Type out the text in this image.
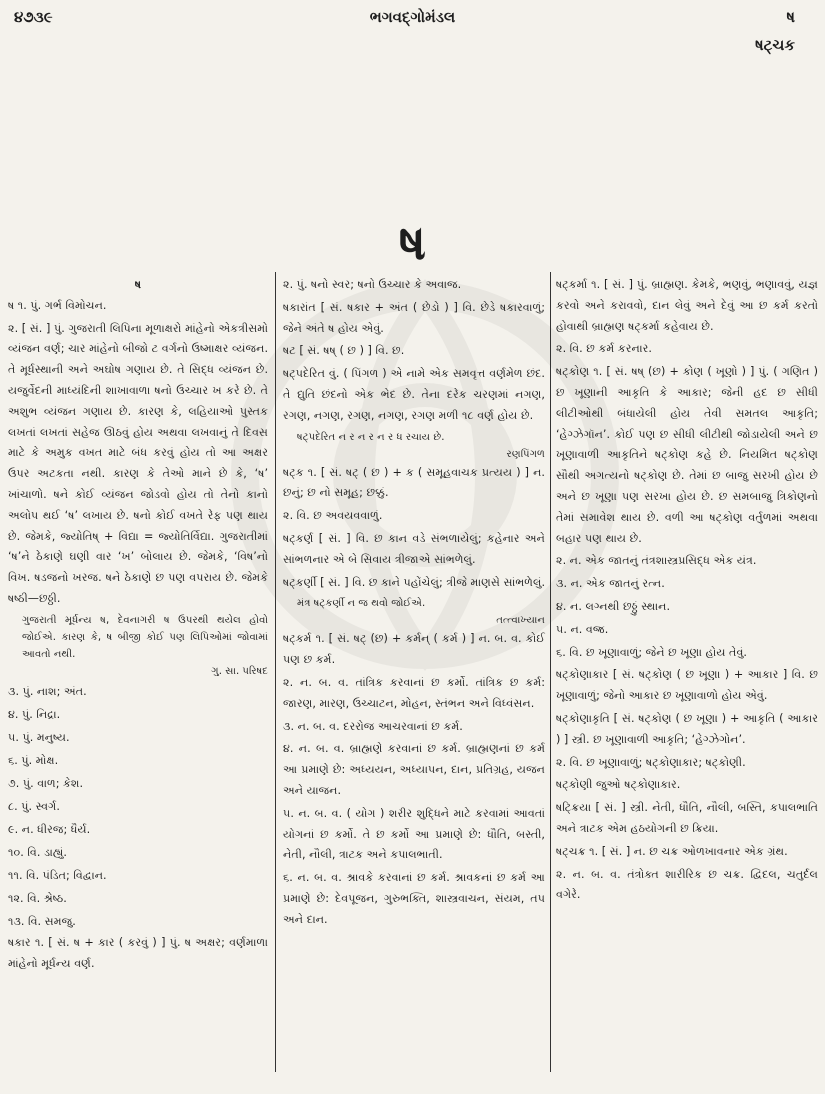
૪૭૩૯	ભગવદ્ગોમંડલ	ષ
ષટ્ચક
ષ
ષ
ષ ૧. પું. ગર્ભ વિમોચન.
૨. [ સં. ] પું. ગુજરાતી લિપિના મૂળાક્ષરો માંહેનો એકત્રીસમો વ્યંજન વર્ણ; ચાર માંહેનો બીજો ટ વર્ગનો ઉષ્માક્ષર વ્યંજન. તે મૂર્ધસ્થાની અને અઘોષ ગણાય છે. તે સિદ્ધ વ્યંજન છે. યજુર્વેદની માધ્યંદિની શાખાવાળા ષનો ઉચ્ચાર ખ કરે છે. તે અશુભ વ્યંજન ગણાય છે. કારણ કે, લહિયાઓ પુસ્તક લખતાં લખતાં સહેજ ઊઠવું હોય અથવા લખવાનું તે દિવસ માટે કે અમુક વખત માટે બંધ કરવું હોય તો આ અક્ષર ઉપર અટકતા નથી. કારણ કે તેઓ માને છે કે, ‘ષ’ ખાંચાળો. ષને કોઈ વ્યંજન જોડવો હોય તો તેનો કાનો અલોપ થઈ ‘ષ’ લખાય છે. ષનો કોઈ વખતે રેફ પણ થાય છે. જેમકે, જ્યોતિષ્ + વિદ્યા = જ્યોતિર્વિદ્યા. ગુજરાતીમાં ‘ષ’ને ઠેકાણે ઘણી વાર ‘ખ’ બોલાય છે. જેમકે, ‘વિષ’નો વિખ. ષડજનો ખરજ. ષને ઠેકાણે છ પણ વપરાય છે. જેમકે ષષ્ઠી—છઠ્ઠી.
ગુજરાતી મૂર્ધન્ય ષ, દેવનાગરી ષ ઉપરથી થયેલ હોવો જોઈએ. કારણ કે, ષ બીજી કોઈ પણ લિપિઓમાં જોવામાં આવતો નથી.
ગુ. સા. પરિષદ
૩. પું. નાશ; અંત.
૪. પું. નિદ્રા.
૫. પું. મનુષ્ય.
૬. પું. મોક્ષ.
૭. પું. વાળ; કેશ.
૮. પું. સ્વર્ગ.
૯. ન. ધીરજ; ધૈર્ય.
૧૦. વિ. ડાહ્યું.
૧૧. વિ. પંડિત; વિદ્વાન.
૧૨. વિ. શ્રેષ્ઠ.
૧૩. વિ. સમજુ.
ષકાર ૧. [ સં. ષ + કાર ( કરવું ) ] પું. ષ અક્ષર; વર્ણમાળા માંહેનો મૂર્ધન્ય વર્ણ.
૨. પું. ષનો સ્વર; ષનો ઉચ્ચાર કે અવાજ.
ષકારાંત [ સં. ષકાર + અંત ( છેડો ) ] વિ. છેડે ષકારવાળું; જેને અંતે ષ હોય એવું.
ષટ [ સં. ષષ્ ( છ ) ] વિ. છ.
ષટ્પદેરિત વું. ( પિંગળ ) એ નામે એક સમવૃત્ત વર્ણમેળ છંદ. તે દ્યુતિ છંદનો એક ભેદ છે. તેના દરેક ચરણમાં નગણ, રગણ, નગણ, રગણ, નગણ, રગણ મળી ૧૮ વર્ણ હોય છે.
ષટ્પદેરિત ન ર ન ર ન ર ધ રચાય છે.
રણપિંગળ
ષટ્ક ૧. [ સં. ષટ્ ( છ ) + ક ( સમૂહવાચક પ્રત્યય ) ] ન. છનું; છ નો સમૂહ; છક્કું.
૨. વિ. છ અવયવવાળું.
ષટ્કર્ણ [ સં. ] વિ. છ કાન વડે સંભળાયેલું; કહેનાર અને સાંભળનાર એ બે સિવાય ત્રીજાએ સાંભળેલું.
ષટ્કર્ણી [ સં. ] વિ. છ કાને પહોંચેલું; ત્રીજે માણસે સાંભળેલું.
મંત્ર ષટ્કર્ણી ન જ થવો જોઈએ.
તત્ત્વાખ્યાન
ષટ્કર્મ ૧. [ સં. ષટ્ (છ) + કર્મન્ ( કર્મ ) ] ન. બ. વ. કોઈ પણ છ કર્મ.
૨. ન. બ. વ. તાંત્રિક કરવાનાં છ કર્મો. તાંત્રિક છ કર્મ: જારણ, મારણ, ઉચ્ચાટન, મોહન, સ્તંભન અને વિધ્વંસન.
૩. ન. બ. વ. દરરોજ આચરવાનાં છ કર્મ.
૪. ન. બ. વ. બ્રાહ્મણે કરવાનાં છ કર્મ. બ્રાહ્મણનાં છ કર્મ આ પ્રમાણે છે: અધ્યયન, અધ્યાપન, દાન, પ્રતિગ્રહ, યજન અને યાજન.
૫. ન. બ. વ. ( યોગ ) શરીર શુદ્ધિને માટે કરવામાં આવતાં યોગનાં છ કર્મો. તે છ કર્મો આ પ્રમાણે છે: ધૌતિ, બસ્તી, નેતી, નૌલી, ત્રાટક અને કપાલભાતી.
૬. ન. બ. વ. શ્રાવકે કરવાનાં છ કર્મ. શ્રાવકનાં છ કર્મ આ પ્રમાણે છે: દેવપૂજન, ગુરુભક્તિ, શાસ્ત્રવાચન, સંયમ, તપ અને દાન.
ષટ્કર્મા ૧. [ સં. ] પું. બ્રાહ્મણ. કેમકે, ભણવું, ભણાવવું, યજ્ઞ કરવો અને કરાવવો, દાન લેવું અને દેવું આ છ કર્મ કરતો હોવાથી બ્રાહ્મણ ષટ્કર્મા કહેવાય છે.
૨. વિ. છ કર્મ કરનાર.
ષટ્કોણ ૧. [ સં. ષષ્ (છ) + કોણ ( ખૂણો ) ] પું. ( ગણિત ) છ ખૂણાની આકૃતિ કે આકાર; જેની હદ છ સીધી લીટીઓથી બંધાયેલી હોય તેવી સમતલ આકૃતિ; ‘હેગ્ઝેગૉન’. કોઈ પણ છ સીધી લીટીથી જોડાયેલી અને છ ખૂણાવાળી આકૃતિને ષટ્કોણ કહે છે. નિયમિત ષટ્કોણ સૌથી અગત્યનો ષટ્કોણ છે. તેમાં છ બાજુ સરખી હોય છે અને છ ખૂણા પણ સરખા હોય છે. છ સમબાજુ ત્રિકોણનો તેમાં સમાવેશ થાય છે. વળી આ ષટ્કોણ વર્તુળમાં અથવા બહાર પણ થાય છે.
૨. ન. એક જાતનું તંત્રશાસ્ત્રપ્રસિદ્ધ એક યંત્ર.
૩. ન. એક જાતનું રત્ન.
૪. ન. લગ્નથી છઠ્ઠું સ્થાન.
૫. ન. વજ્ર.
૬. વિ. છ ખૂણાવાળું; જેને છ ખૂણા હોય તેવું.
ષટ્કોણાકાર [ સં. ષટ્કોણ ( છ ખૂણા ) + આકાર ] વિ. છ ખૂણાવાળું; જેનો આકાર છ ખૂણાવાળો હોય એવું.
ષટ્કોણાકૃતિ [ સં. ષટ્કોણ ( છ ખૂણા ) + આકૃતિ ( આકાર ) ] સ્ત્રી. છ ખૂણાવાળી આકૃતિ; ‘હેગ્ઝેગોન’.
૨. વિ. છ ખૂણાવાળું; ષટ્કોણાકાર; ષટ્કોણી.
ષટ્કોણી જુઓ ષટ્કોણાકાર.
ષટ્ક્રિયા [ સં. ] સ્ત્રી. નેતી, ધૌતિ, નૌલી, બસ્તિ, કપાલભાતિ અને ત્રાટક એમ હઠયોગની છ ક્રિયા.
ષટ્ચક્ર ૧. [ સં. ] ન. છ ચક્ર ઓળખાવનાર એક ગ્રંથ.
૨. ન. બ. વ. તંત્રોક્ત શારીરિક છ ચક્ર. દ્વિદલ, ચતુર્દલ વગેરે.
